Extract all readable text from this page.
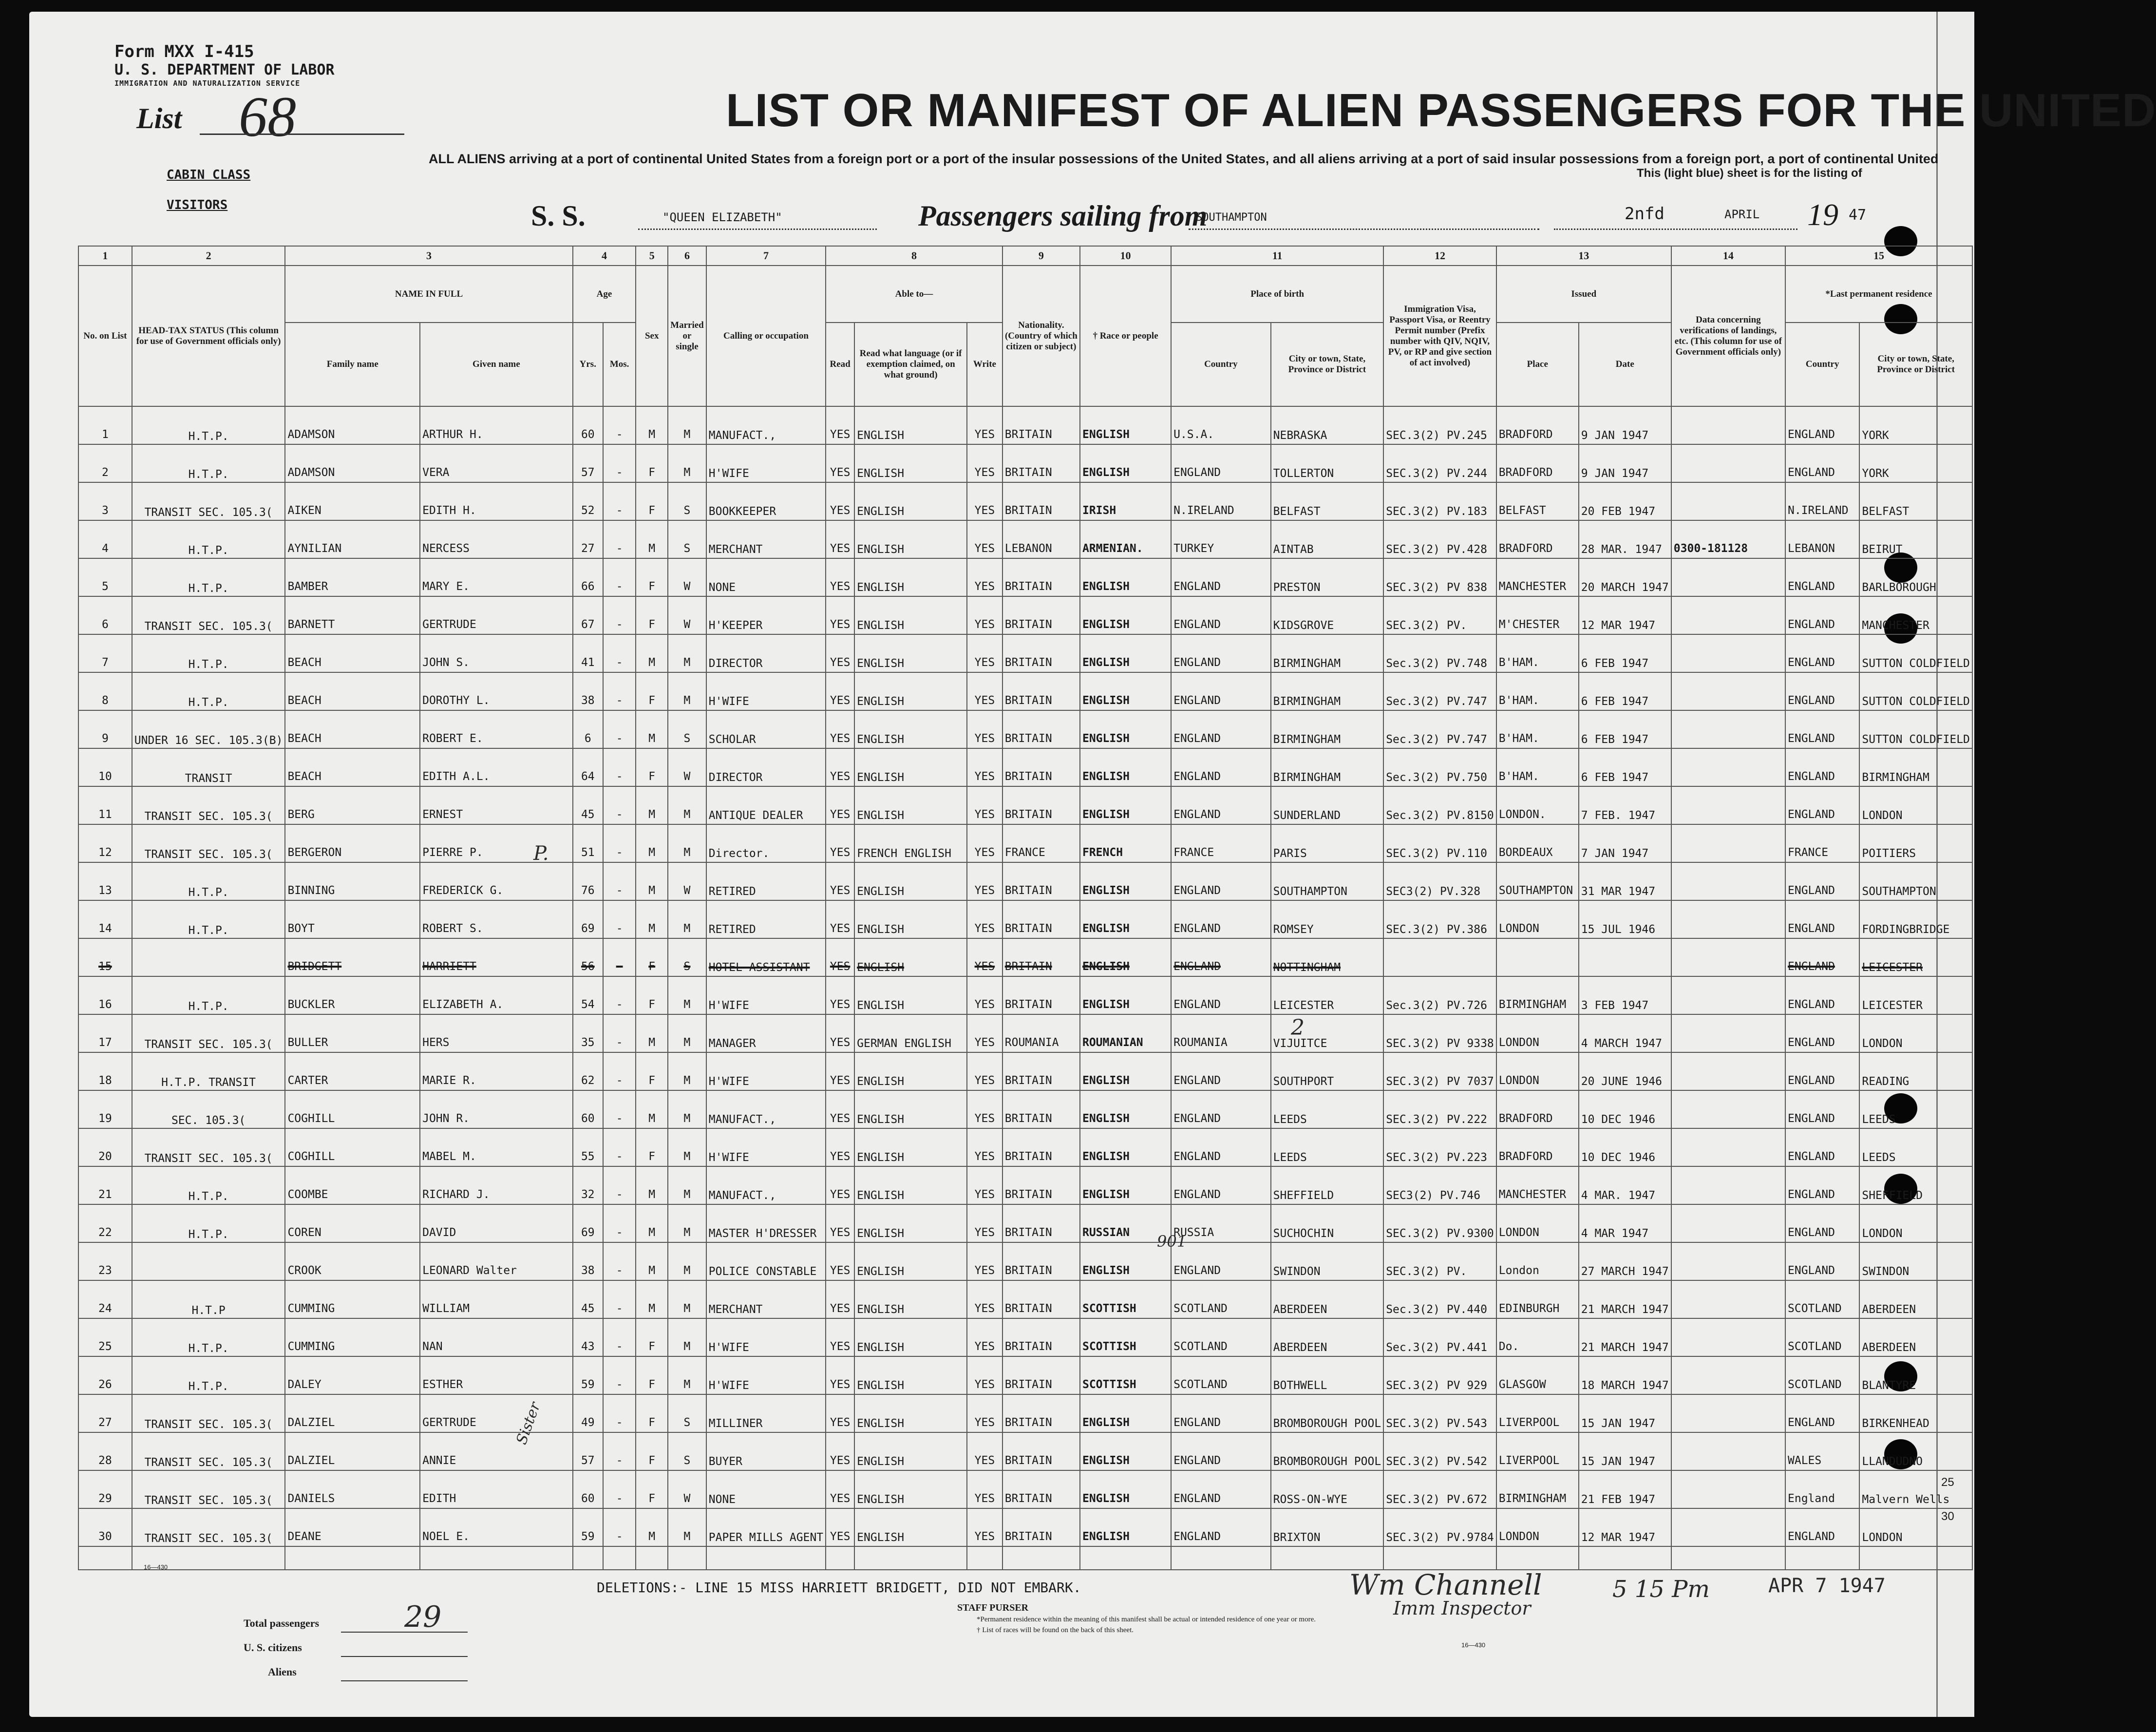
Form MXX I-415
U. S. DEPARTMENT OF LABOR
IMMIGRATION AND NATURALIZATION SERVICE
List 68
CABIN CLASS
VISITORS
LIST OR MANIFEST OF ALIEN PASSENGERS FOR THE UNITED
ALL ALIENS arriving at a port of continental United States from a foreign port or a port of the insular possessions of the United States, and all aliens arriving at a port of said insular possessions from a foreign port, a port of continental United
This (light blue) sheet is for the listing of
S. S.	"QUEEN ELIZABETH"	Passengers sailing from
SOUTHAMPTON	2nfd	APRIL 19 47
1	2	3		4		5	6	7	8			9	10	11		12	13		14	15	
No. on List	HEAD-TAX STATUS (This column for use of Government officials only)	NAME IN FULL		Age		Sex	Married or single	Calling or occupation	Able to—			Nationality. (Country of which citizen or subject)	† Race or people	Place of birth		Immigration Visa, Passport Visa, or Reentry Permit number (Prefix number with QIV, NQIV, PV, or RP and give section of act involved)	Issued		Data concerning verifications of landings, etc. (This column for use of Government officials only)	*Last permanent residence	
		Family name	Given name	Yrs.	Mos.				Read	Read what language (or if exemption claimed, on what ground)	Write			Country	City or town, State, Province or District		Place	Date		Country	City or town, State, Province or District
1	H.T.P.	ADAMSON	ARTHUR H.	60	-	M	M	MANUFACT.,	YES	ENGLISH	YES	BRITAIN	ENGLISH	U.S.A.	NEBRASKA	SEC.3(2) PV.245	BRADFORD	9 JAN 1947		ENGLAND	YORK
2	H.T.P.	ADAMSON	VERA	57	-	F	M	H'WIFE	YES	ENGLISH	YES	BRITAIN	ENGLISH	ENGLAND	TOLLERTON	SEC.3(2) PV.244	BRADFORD	9 JAN 1947		ENGLAND	YORK
3	TRANSIT SEC. 105.3(	AIKEN	EDITH H.	52	-	F	S	BOOKKEEPER	YES	ENGLISH	YES	BRITAIN	IRISH	N.IRELAND	BELFAST	SEC.3(2) PV.183	BELFAST	20 FEB 1947		N.IRELAND	BELFAST
4	H.T.P.	AYNILIAN	NERCESS	27	-	M	S	MERCHANT	YES	ENGLISH	YES	LEBANON	ARMENIAN.	TURKEY	AINTAB	SEC.3(2) PV.428	BRADFORD	28 MAR. 1947	0300-181128	LEBANON	BEIRUT
5	H.T.P.	BAMBER	MARY E.	66	-	F	W	NONE	YES	ENGLISH	YES	BRITAIN	ENGLISH	ENGLAND	PRESTON	SEC.3(2) PV 838	MANCHESTER	20 MARCH 1947		ENGLAND	BARLBOROUGH
6	TRANSIT SEC. 105.3(	BARNETT	GERTRUDE	67	-	F	W	H'KEEPER	YES	ENGLISH	YES	BRITAIN	ENGLISH	ENGLAND	KIDSGROVE	SEC.3(2) PV.	M'CHESTER	12 MAR 1947		ENGLAND	MANCHESTER
7	H.T.P.	BEACH	JOHN S.	41	-	M	M	DIRECTOR	YES	ENGLISH	YES	BRITAIN	ENGLISH	ENGLAND	BIRMINGHAM	Sec.3(2) PV.748	B'HAM.	6 FEB 1947		ENGLAND	SUTTON COLDFIELD
8	H.T.P.	BEACH	DOROTHY L.	38	-	F	M	H'WIFE	YES	ENGLISH	YES	BRITAIN	ENGLISH	ENGLAND	BIRMINGHAM	Sec.3(2) PV.747	B'HAM.	6 FEB 1947		ENGLAND	SUTTON COLDFIELD
9	UNDER 16 SEC. 105.3(B)	BEACH	ROBERT E.	6	-	M	S	SCHOLAR	YES	ENGLISH	YES	BRITAIN	ENGLISH	ENGLAND	BIRMINGHAM	Sec.3(2) PV.747	B'HAM.	6 FEB 1947		ENGLAND	SUTTON COLDFIELD
10	TRANSIT	BEACH	EDITH A.L.	64	-	F	W	DIRECTOR	YES	ENGLISH	YES	BRITAIN	ENGLISH	ENGLAND	BIRMINGHAM	Sec.3(2) PV.750	B'HAM.	6 FEB 1947		ENGLAND	BIRMINGHAM
11	TRANSIT SEC. 105.3(	BERG	ERNEST	45	-	M	M	ANTIQUE DEALER	YES	ENGLISH	YES	BRITAIN	ENGLISH	ENGLAND	SUNDERLAND	Sec.3(2) PV.8150	LONDON.	7 FEB. 1947		ENGLAND	LONDON
12	TRANSIT SEC. 105.3(	BERGERON	PIERRE P.	51	-	M	M	Director.	YES	FRENCH ENGLISH	YES	FRANCE	FRENCH	FRANCE	PARIS	SEC.3(2) PV.110	BORDEAUX	7 JAN 1947		FRANCE	POITIERS
13	H.T.P.	BINNING	FREDERICK G.	76	-	M	W	RETIRED	YES	ENGLISH	YES	BRITAIN	ENGLISH	ENGLAND	SOUTHAMPTON	SEC3(2) PV.328	SOUTHAMPTON	31 MAR 1947		ENGLAND	SOUTHAMPTON
14	H.T.P.	BOYT	ROBERT S.	69	-	M	M	RETIRED	YES	ENGLISH	YES	BRITAIN	ENGLISH	ENGLAND	ROMSEY	SEC.3(2) PV.386	LONDON	15 JUL 1946		ENGLAND	FORDINGBRIDGE
15		BRIDGETT	HARRIETT	56	-	F	S	HOTEL ASSISTANT	YES	ENGLISH	YES	BRITAIN	ENGLISH	ENGLAND	NOTTINGHAM					ENGLAND	LEICESTER
16	H.T.P.	BUCKLER	ELIZABETH A.	54	-	F	M	H'WIFE	YES	ENGLISH	YES	BRITAIN	ENGLISH	ENGLAND	LEICESTER	Sec.3(2) PV.726	BIRMINGHAM	3 FEB 1947		ENGLAND	LEICESTER
17	TRANSIT SEC. 105.3(	BULLER	HERS	35	-	M	M	MANAGER	YES	GERMAN ENGLISH	YES	ROUMANIA	ROUMANIAN	ROUMANIA	VIJUITCE	SEC.3(2) PV 9338	LONDON	4 MARCH 1947		ENGLAND	LONDON
18	H.T.P. TRANSIT	CARTER	MARIE R.	62	-	F	M	H'WIFE	YES	ENGLISH	YES	BRITAIN	ENGLISH	ENGLAND	SOUTHPORT	SEC.3(2) PV 7037	LONDON	20 JUNE 1946		ENGLAND	READING
19	SEC. 105.3(	COGHILL	JOHN R.	60	-	M	M	MANUFACT.,	YES	ENGLISH	YES	BRITAIN	ENGLISH	ENGLAND	LEEDS	SEC.3(2) PV.222	BRADFORD	10 DEC 1946		ENGLAND	LEEDS
20	TRANSIT SEC. 105.3(	COGHILL	MABEL M.	55	-	F	M	H'WIFE	YES	ENGLISH	YES	BRITAIN	ENGLISH	ENGLAND	LEEDS	SEC.3(2) PV.223	BRADFORD	10 DEC 1946		ENGLAND	LEEDS
21	H.T.P.	COOMBE	RICHARD J.	32	-	M	M	MANUFACT.,	YES	ENGLISH	YES	BRITAIN	ENGLISH	ENGLAND	SHEFFIELD	SEC3(2) PV.746	MANCHESTER	4 MAR. 1947		ENGLAND	SHEFFIELD
22	H.T.P.	COREN	DAVID	69	-	M	M	MASTER H'DRESSER	YES	ENGLISH	YES	BRITAIN	RUSSIAN	RUSSIA	SUCHOCHIN	SEC.3(2) PV.9300	LONDON	4 MAR 1947		ENGLAND	LONDON
23		CROOK	LEONARD Walter	38	-	M	M	POLICE CONSTABLE	YES	ENGLISH	YES	BRITAIN	ENGLISH	ENGLAND	SWINDON	SEC.3(2) PV.	London	27 MARCH 1947		ENGLAND	SWINDON
24	H.T.P	CUMMING	WILLIAM	45	-	M	M	MERCHANT	YES	ENGLISH	YES	BRITAIN	SCOTTISH	SCOTLAND	ABERDEEN	Sec.3(2) PV.440	EDINBURGH	21 MARCH 1947		SCOTLAND	ABERDEEN
25	H.T.P.	CUMMING	NAN	43	-	F	M	H'WIFE	YES	ENGLISH	YES	BRITAIN	SCOTTISH	SCOTLAND	ABERDEEN	Sec.3(2) PV.441	Do.	21 MARCH 1947		SCOTLAND	ABERDEEN
26	H.T.P.	DALEY	ESTHER	59	-	F	M	H'WIFE	YES	ENGLISH	YES	BRITAIN	SCOTTISH	SCOTLAND	BOTHWELL	SEC.3(2) PV 929	GLASGOW	18 MARCH 1947		SCOTLAND	BLANTYRE
27	TRANSIT SEC. 105.3(	DALZIEL	GERTRUDE	49	-	F	S	MILLINER	YES	ENGLISH	YES	BRITAIN	ENGLISH	ENGLAND	BROMBOROUGH POOL	SEC.3(2) PV.543	LIVERPOOL	15 JAN 1947		ENGLAND	BIRKENHEAD
28	TRANSIT SEC. 105.3(	DALZIEL	ANNIE	57	-	F	S	BUYER	YES	ENGLISH	YES	BRITAIN	ENGLISH	ENGLAND	BROMBOROUGH POOL	SEC.3(2) PV.542	LIVERPOOL	15 JAN 1947		WALES	LLANDUDNO
29	TRANSIT SEC. 105.3(	DANIELS	EDITH	60	-	F	W	NONE	YES	ENGLISH	YES	BRITAIN	ENGLISH	ENGLAND	ROSS-ON-WYE	SEC.3(2) PV.672	BIRMINGHAM	21 FEB 1947		England	Malvern Wells
30	TRANSIT SEC. 105.3(	DEANE	NOEL E.	59	-	M	M	PAPER MILLS AGENT	YES	ENGLISH	YES	BRITAIN	ENGLISH	ENGLAND	BRIXTON	SEC.3(2) PV.9784	LONDON	12 MAR 1947		ENGLAND	LONDON

P.
2
901
Sister
DELETIONS:- LINE 15 MISS HARRIETT BRIDGETT, DID NOT EMBARK.	Wm Channell
Imm Inspector
5 15 Pm	APR 7 1947
STAFF PURSER
Total passengers	29
U. S. citizens
Aliens
*Permanent residence within the meaning of this manifest shall be actual or intended residence of one year or more.
† List of races will be found on the back of this sheet.
16—430
16—430
25
30
